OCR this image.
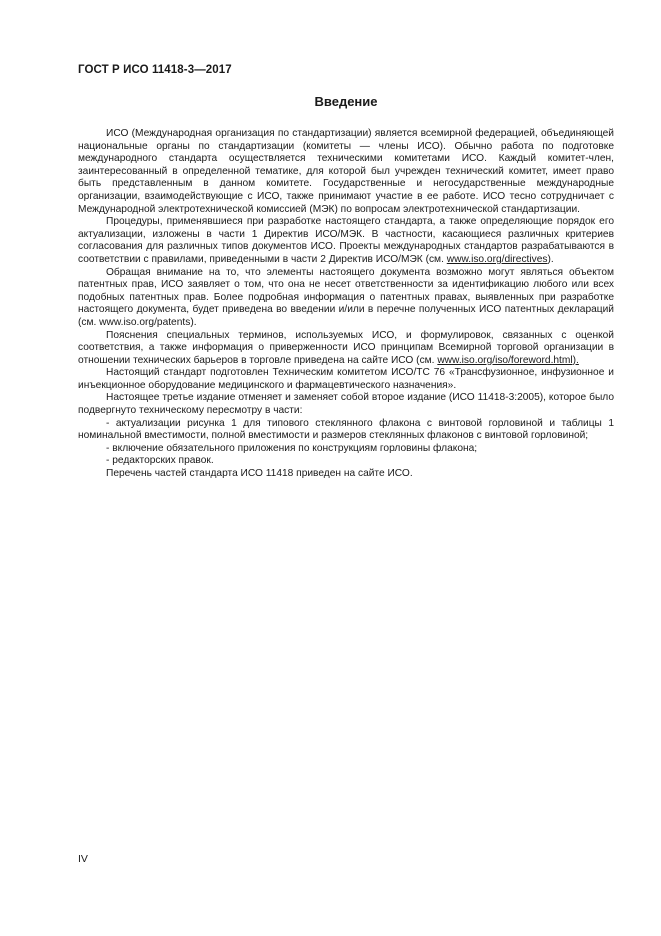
ГОСТ Р ИСО 11418-3—2017
Введение

ИСО (Международная организация по стандартизации) является всемирной федерацией, объединяющей национальные органы по стандартизации (комитеты — члены ИСО). Обычно работа по подготовке международного стандарта осуществляется техническими комитетами ИСО. Каждый комитет-член, заинтересованный в определенной тематике, для которой был учрежден технический комитет, имеет право быть представленным в данном комитете. Государственные и негосударственные международные организации, взаимодействующие с ИСО, также принимают участие в ее работе. ИСО тесно сотрудничает с Международной электротехнической комиссией (МЭК) по вопросам электротехнической стандартизации.

Процедуры, применявшиеся при разработке настоящего стандарта, а также определяющие порядок его актуализации, изложены в части 1 Директив ИСО/МЭК. В частности, касающиеся различных критериев согласования для различных типов документов ИСО. Проекты международных стандартов разрабатываются в соответствии с правилами, приведенными в части 2 Директив ИСО/МЭК (см. www.iso.org/directives).

Обращая внимание на то, что элементы настоящего документа возможно могут являться объектом патентных прав, ИСО заявляет о том, что она не несет ответственности за идентификацию любого или всех подобных патентных прав. Более подробная информация о патентных правах, выявленных при разработке настоящего документа, будет приведена во введении и/или в перечне полученных ИСО патентных деклараций (см. www.iso.org/patents).

Пояснения специальных терминов, используемых ИСО, и формулировок, связанных с оценкой соответствия, а также информация о приверженности ИСО принципам Всемирной торговой организации в отношении технических барьеров в торговле приведена на сайте ИСО (см. www.iso.org/iso/foreword.html).

Настоящий стандарт подготовлен Техническим комитетом ИСО/ТС 76 «Трансфузионное, инфузионное и инъекционное оборудование медицинского и фармацевтического назначения».

Настоящее третье издание отменяет и заменяет собой второе издание (ИСО 11418-3:2005), которое было подвергнуто техническому пересмотру в части:

- актуализации рисунка 1 для типового стеклянного флакона с винтовой горловиной и таблицы 1 номинальной вместимости, полной вместимости и размеров стеклянных флаконов с винтовой горловиной;

- включение обязательного приложения по конструкциям горловины флакона;

- редакторских правок.

Перечень частей стандарта ИСО 11418 приведен на сайте ИСО.

IV
